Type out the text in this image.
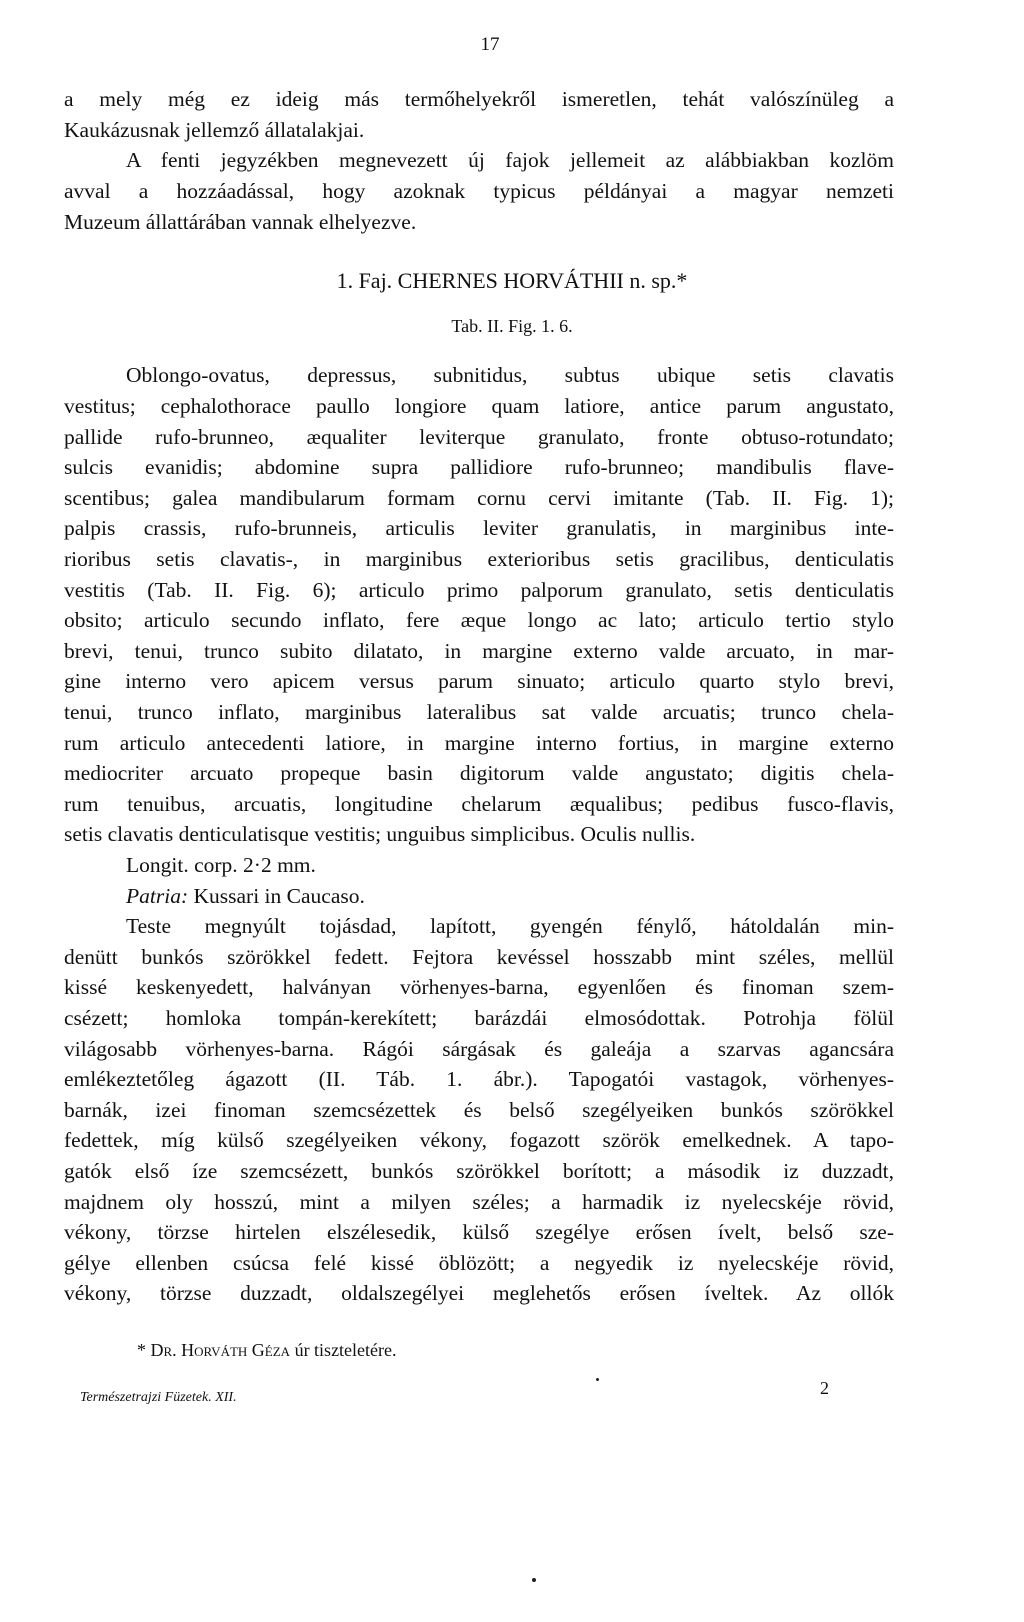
17
a mely még ez ideig más termőhelyekről ismeretlen, tehát valószínüleg a
Kaukázusnak jellemző állatalakjai.
A fenti jegyzékben megnevezett új fajok jellemeit az alábbiakban kozlöm
avval a hozzáadással, hogy azoknak typicus példányai a magyar nemzeti
Muzeum állattárában vannak elhelyezve.
1. Faj. CHERNES HORVÁTHII n. sp.*
Tab. II. Fig. 1. 6.
Oblongo-ovatus, depressus, subnitidus, subtus ubique setis clavatis
vestitus; cephalothorace paullo longiore quam latiore, antice parum angustato,
pallide rufo-brunneo, æqualiter leviterque granulato, fronte obtuso-rotundato;
sulcis evanidis; abdomine supra pallidiore rufo-brunneo; mandibulis flave-
scentibus; galea mandibularum formam cornu cervi imitante (Tab. II. Fig. 1);
palpis crassis, rufo-brunneis, articulis leviter granulatis, in marginibus inte-
rioribus setis clavatis-, in marginibus exterioribus setis gracilibus, denticulatis
vestitis (Tab. II. Fig. 6); articulo primo palporum granulato, setis denticulatis
obsito; articulo secundo inflato, fere æque longo ac lato; articulo tertio stylo
brevi, tenui, trunco subito dilatato, in margine externo valde arcuato, in mar-
gine interno vero apicem versus parum sinuato; articulo quarto stylo brevi,
tenui, trunco inflato, marginibus lateralibus sat valde arcuatis; trunco chela-
rum articulo antecedenti latiore, in margine interno fortius, in margine externo
mediocriter arcuato propeque basin digitorum valde angustato; digitis chela-
rum tenuibus, arcuatis, longitudine chelarum æqualibus; pedibus fusco-flavis,
setis clavatis denticulatisque vestitis; unguibus simplicibus. Oculis nullis.
Longit. corp. 2·2 mm.
Patria: Kussari in Caucaso.
Teste megnyúlt tojásdad, lapított, gyengén fénylő, hátoldalán min-
denütt bunkós szörökkel fedett. Fejtora kevéssel hosszabb mint széles, mellül
kissé keskenyedett, halványan vörhenyes-barna, egyenlően és finoman szem-
csézett; homloka tompán-kerekített; barázdái elmosódottak. Potrohja fölül
világosabb vörhenyes-barna. Rágói sárgásak és galeája a szarvas agancsára
emlékeztetőleg ágazott (II. Táb. 1. ábr.). Tapogatói vastagok, vörhenyes-
barnák, izei finoman szemcsézettek és belső szegélyeiken bunkós szörökkel
fedettek, míg külső szegélyeiken vékony, fogazott szörök emelkednek. A tapo-
gatók első íze szemcsézett, bunkós szörökkel borított; a második iz duzzadt,
majdnem oly hosszú, mint a milyen széles; a harmadik iz nyelecskéje rövid,
vékony, törzse hirtelen elszélesedik, külső szegélye erősen ívelt, belső sze-
gélye ellenben csúcsa felé kissé öblözött; a negyedik iz nyelecskéje rövid,
vékony, törzse duzzadt, oldalszegélyei meglehetős erősen íveltek. Az ollók
* Dr. Horváth Géza úr tiszteletére.
Természetrajzi Füzetek. XII.	2
